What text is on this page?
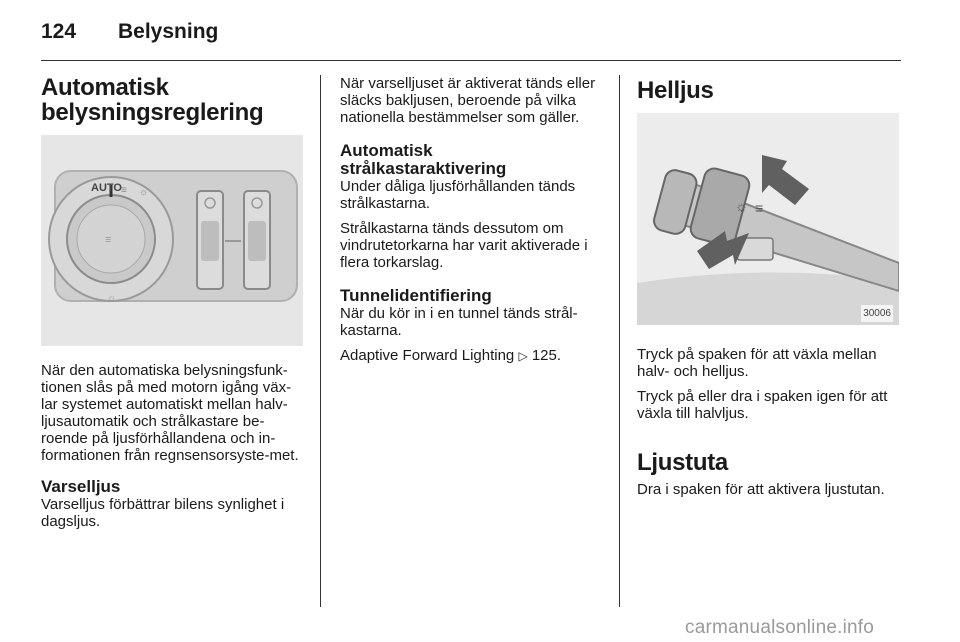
124 Belysning
Automatisk belysningsreglering
AUTO ≡ ☼
≡
☼

När den automatiska belysningsfunk-tionen slås på med motorn igång väx-lar systemet automatiskt mellan halv-ljusautomatik och strålkastare be-roende på ljusförhållandena och in-formationen från regnsensorsyste-met.

Varselljus

Varselljus förbättrar bilens synlighet i dagsljus.

När varselljuset är aktiverat tänds eller släcks bakljusen, beroende på vilka nationella bestämmelser som gäller.

Automatisk strålkastaraktivering

Under dåliga ljusförhållanden tänds strålkastarna.

Strålkastarna tänds dessutom om vindrutetorkarna har varit aktiverade i flera torkarslag.

Tunnelidentifiering

När du kör in i en tunnel tänds strål-kastarna.

Adaptive Forward Lighting ▷ 125.

Helljus
☼ ≡
30006

Tryck på spaken för att växla mellan halv- och helljus.

Tryck på eller dra i spaken igen för att växla till halvljus.

Ljustuta

Dra i spaken för att aktivera ljustutan.

carmanualsonline.info
